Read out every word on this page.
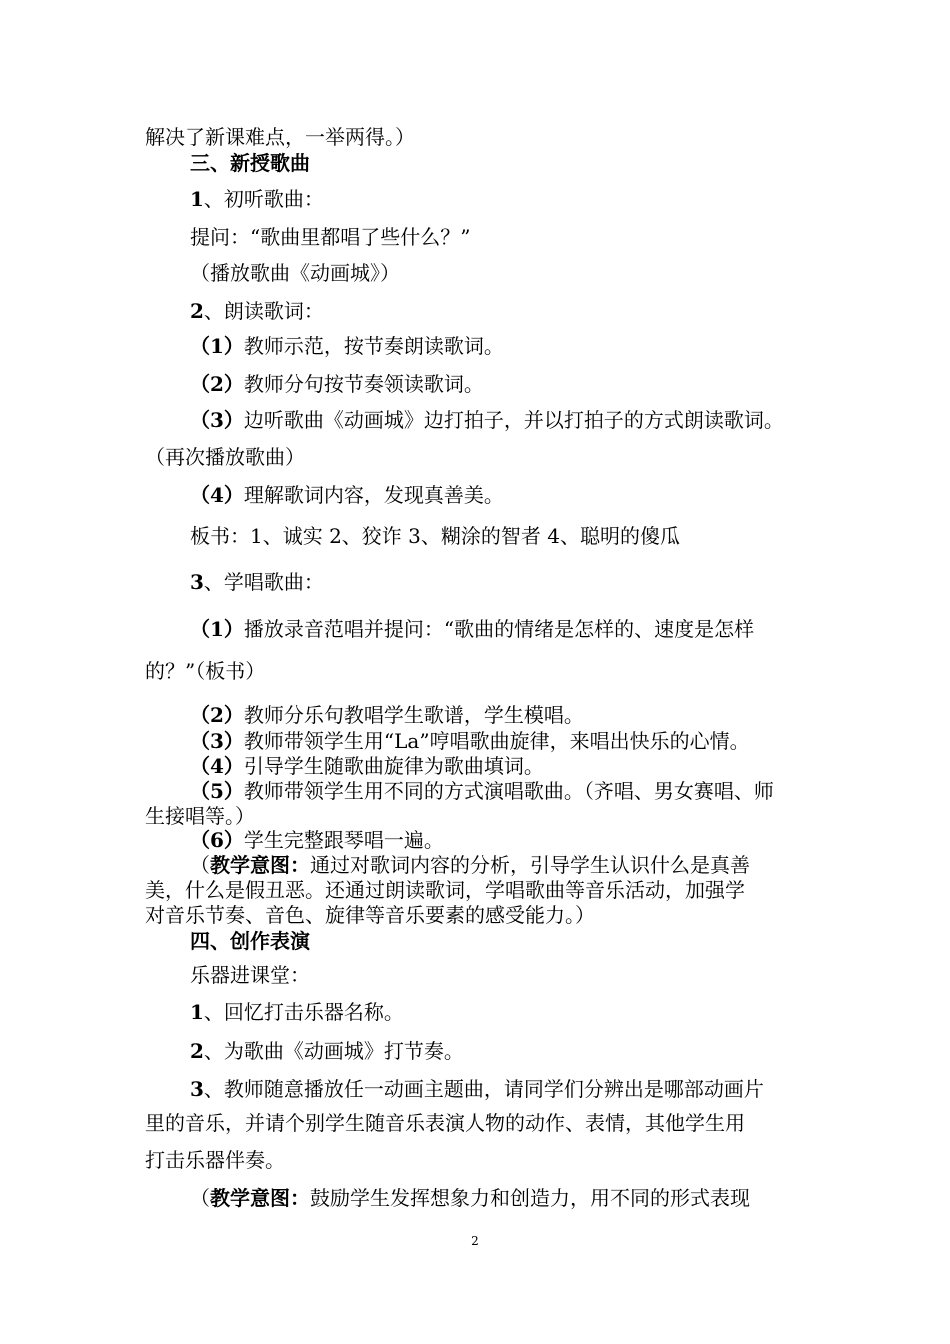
解决了新课难点，一举两得。）
三、新授歌曲
1、初听歌曲：
提问：“歌曲里都唱了些什么？”
（播放歌曲《动画城》）
2、朗读歌词：
（1）教师示范，按节奏朗读歌词。
（2）教师分句按节奏领读歌词。
（3）边听歌曲《动画城》边打拍子，并以打拍子的方式朗读歌词。
（再次播放歌曲）
（4）理解歌词内容，发现真善美。
板书：1、诚实 2、狡诈 3、糊涂的智者 4、聪明的傻瓜
3、学唱歌曲：
（1）播放录音范唱并提问：“歌曲的情绪是怎样的、速度是怎样
的？”（板书）
（2）教师分乐句教唱学生歌谱，学生模唱。
（3）教师带领学生用“La”哼唱歌曲旋律，来唱出快乐的心情。
（4）引导学生随歌曲旋律为歌曲填词。
（5）教师带领学生用不同的方式演唱歌曲。（齐唱、男女赛唱、师
生接唱等。）
（6）学生完整跟琴唱一遍。
（教学意图：通过对歌词内容的分析，引导学生认识什么是真善
美，什么是假丑恶。还通过朗读歌词，学唱歌曲等音乐活动，加强学
对音乐节奏、音色、旋律等音乐要素的感受能力。）
四、创作表演
乐器进课堂：
1、回忆打击乐器名称。
2、为歌曲《动画城》打节奏。
3、教师随意播放任一动画主题曲，请同学们分辨出是哪部动画片
里的音乐，并请个别学生随音乐表演人物的动作、表情，其他学生用
打击乐器伴奏。
（教学意图：鼓励学生发挥想象力和创造力，用不同的形式表现
2
